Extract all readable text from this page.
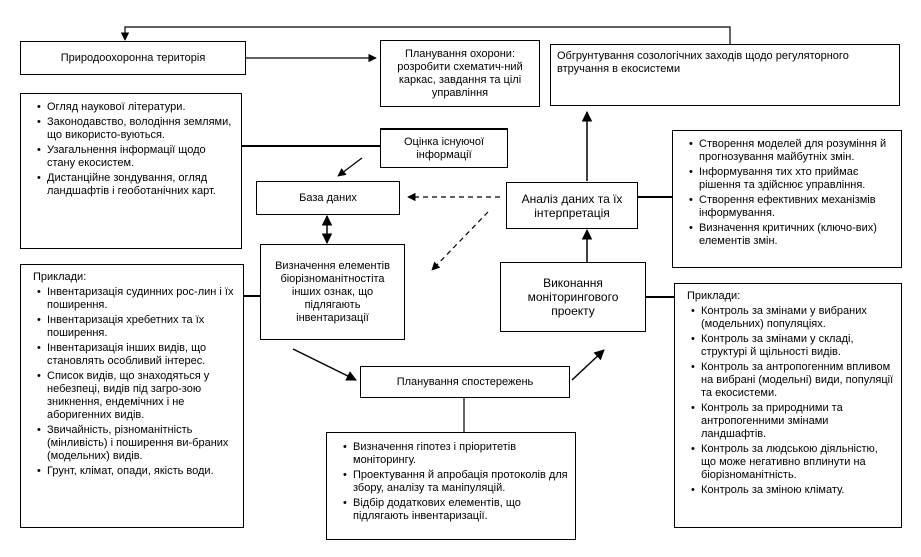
Природоохоронна територія	Планування охорони: розробити схематич-ний каркас, завдання та цілі управління
Обгрунтування созологічних заходів щодо регуляторного втручання в екосистеми
• Огляд наукової літератури.
• Законодавство, володіння землями, що використо-вуються.
• Узагальнення інформації щодо стану екосистем.
• Дистанційне зондування, огляд ландшафтів і геоботанічних карт.
Оцінка існуючої інформації
База даних	Аналіз даних та їх інтерпретація
• Створення моделей для розуміння й прогнозування майбутніх змін.
• Інформування тих хто приймає рішення та здійснює управління.
• Створення ефективних механізмів інформування.
• Визначення критичних (ключо-вих) елементів змін.
Визначення елементів біорізноманітностіта інших ознак, що підлягають інвентаризації
Виконання моніторингового проекту
Приклади:
• Інвентаризація судинних рос-лин і їх поширення.
• Інвентаризація хребетних та їх поширення.
• Інвентаризація інших видів, що становлять особливий інтерес.
• Список видів, що знаходяться у небезпеці, видів під загро-зою зникнення, ендемічних і не аборигенних видів.
• Звичайність, різноманітність (мінливість) і поширення ви-браних (модельних) видів.
• Грунт, клімат, опади, якість води.
Приклади:
• Контроль за змінами у вибраних (модельних) популяціях.
• Контроль за змінами у складі, структурі й щільності видів.
• Контроль за антропогенним впливом на вибрані (модельні) види, популяції та екосистеми.
• Контроль за природними та антропогенними змінами ландшафтів.
• Контроль за людською діяльністю, що може негативно вплинути на біорізноманітність.
• Контроль за зміною клімату.
Планування спостережень
• Визначення гіпотез і пріоритетів моніторингу.
• Проектування й апробація протоколів для збору, аналізу та маніпуляцій.
• Відбір додаткових елементів, що підлягають інвентаризації.
